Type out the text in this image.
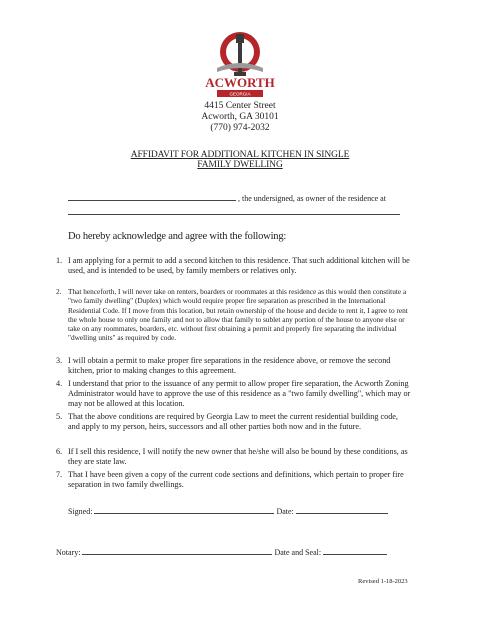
ACWORTH
GEORGIA
4415 Center Street
Acworth, GA 30101
(770) 974-2032
AFFIDAVIT FOR ADDITIONAL KITCHEN IN SINGLE FAMILY DWELLING
, the undersigned, as owner of the residence at
Do hereby acknowledge and agree with the following:
1. I am applying for a permit to add a second kitchen to this residence. That such additional kitchen will be used, and is intended to be used, by family members or relatives only.
2. That henceforth, I will never take on renters, boarders or roommates at this residence as this would then constitute a "two family dwelling" (Duplex) which would require proper fire separation as prescribed in the International Residential Code. If I move from this location, but retain ownership of the house and decide to rent it, I agree to rent the whole house to only one family and not to allow that family to sublet any portion of the house to anyone else or take on any roommates, boarders, etc. without first obtaining a permit and properly fire separating the individual "dwelling units" as required by code.
3. I will obtain a permit to make proper fire separations in the residence above, or remove the second kitchen, prior to making changes to this agreement.
4. I understand that prior to the issuance of any permit to allow proper fire separation, the Acworth Zoning Administrator would have to approve the use of this residence as a "two family dwelling", which may or may not be allowed at this location.
5. That the above conditions are required by Georgia Law to meet the current residential building code, and apply to my person, heirs, successors and all other parties both now and in the future.
6. If I sell this residence, I will notify the new owner that he/she will also be bound by these conditions, as they are state law.
7. That I have been given a copy of the current code sections and definitions, which pertain to proper fire separation in two family dwellings.
Signed:	Date:
Notary:	Date and Seal:
Revised 1-18-2023
